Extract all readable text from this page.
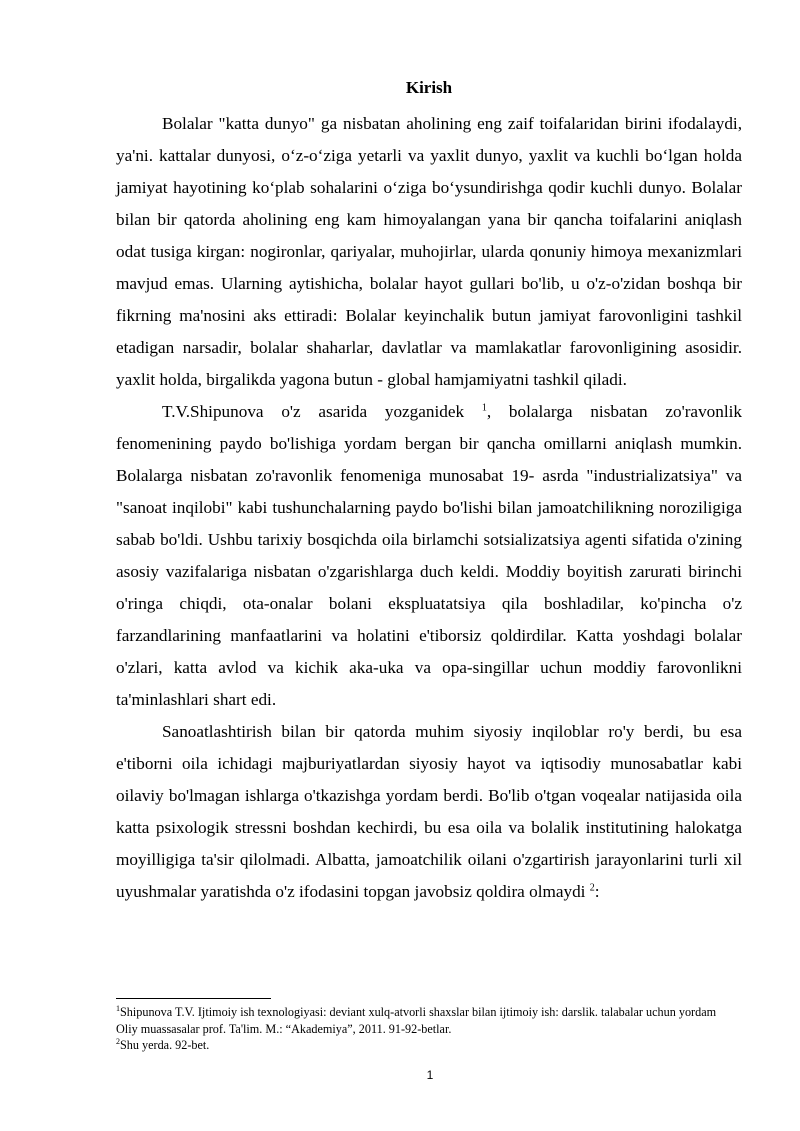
Kirish

Bolalar "katta dunyo" ga nisbatan aholining eng zaif toifalaridan birini ifodalaydi, ya'ni. kattalar dunyosi, o‘z-o‘ziga yetarli va yaxlit dunyo, yaxlit va kuchli bo‘lgan holda jamiyat hayotining ko‘plab sohalarini o‘ziga bo‘ysundirishga qodir kuchli dunyo. Bolalar bilan bir qatorda aholining eng kam himoyalangan yana bir qancha toifalarini aniqlash odat tusiga kirgan: nogironlar, qariyalar, muhojirlar, ularda qonuniy himoya mexanizmlari mavjud emas. Ularning aytishicha, bolalar hayot gullari bo'lib, u o'z-o'zidan boshqa bir fikrning ma'nosini aks ettiradi: Bolalar keyinchalik butun jamiyat farovonligini tashkil etadigan narsadir, bolalar shaharlar, davlatlar va mamlakatlar farovonligining asosidir. yaxlit holda, birgalikda yagona butun - global hamjamiyatni tashkil qiladi.

T.V.Shipunova o'z asarida yozganidek $^1$, bolalarga nisbatan zo'ravonlik fenomenining paydo bo'lishiga yordam bergan bir qancha omillarni aniqlash mumkin. Bolalarga nisbatan zo'ravonlik fenomeniga munosabat 19- asrda "industrializatsiya" va "sanoat inqilobi" kabi tushunchalarning paydo bo'lishi bilan jamoatchilikning noroziligiga sabab bo'ldi. Ushbu tarixiy bosqichda oila birlamchi sotsializatsiya agenti sifatida o'zining asosiy vazifalariga nisbatan o'zgarishlarga duch keldi. Moddiy boyitish zarurati birinchi o'ringa chiqdi, ota-onalar bolani ekspluatatsiya qila boshladilar, ko'pincha o'z farzandlarining manfaatlarini va holatini e'tiborsiz qoldirdilar. Katta yoshdagi bolalar o'zlari, katta avlod va kichik aka-uka va opa-singillar uchun moddiy farovonlikni ta'minlashlari shart edi.

Sanoatlashtirish bilan bir qatorda muhim siyosiy inqiloblar ro'y berdi, bu esa e'tiborni oila ichidagi majburiyatlardan siyosiy hayot va iqtisodiy munosabatlar kabi oilaviy bo'lmagan ishlarga o'tkazishga yordam berdi. Bo'lib o'tgan voqealar natijasida oila katta psixologik stressni boshdan kechirdi, bu esa oila va bolalik institutining halokatga moyilligiga ta'sir qilolmadi. Albatta, jamoatchilik oilani o'zgartirish jarayonlarini turli xil uyushmalar yaratishda o'z ifodasini topgan javobsiz qoldira olmaydi $^2$:

$^1$Shipunova T.V. Ijtimoiy ish texnologiyasi: deviant xulq-atvorli shaxslar bilan ijtimoiy ish: darslik. talabalar uchun yordam

Oliy muassasalar prof. Ta'lim. M.: “Akademiya”, 2011. 91-92-betlar.

$^2$Shu yerda. 92-bet.

1
